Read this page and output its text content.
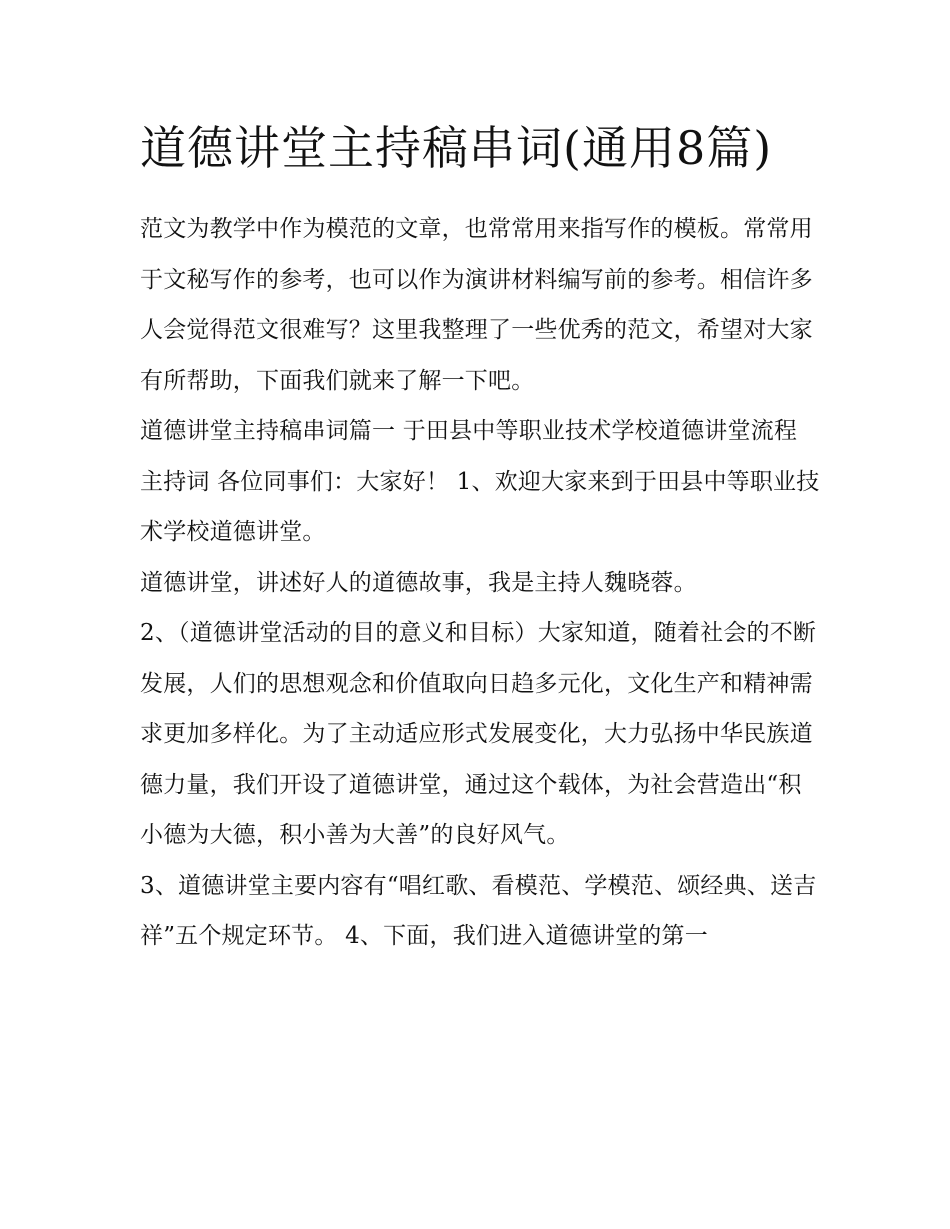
道德讲堂主持稿串词(通用8篇)

范文为教学中作为模范的文章，也常常用来指写作的模板。常常用于文秘写作的参考，也可以作为演讲材料编写前的参考。相信许多人会觉得范文很难写？这里我整理了一些优秀的范文，希望对大家有所帮助，下面我们就来了解一下吧。

道德讲堂主持稿串词篇一 于田县中等职业技术学校道德讲堂流程主持词 各位同事们：大家好！ 1、欢迎大家来到于田县中等职业技术学校道德讲堂。

道德讲堂，讲述好人的道德故事，我是主持人魏晓蓉。

2、（道德讲堂活动的目的意义和目标）大家知道，随着社会的不断发展，人们的思想观念和价值取向日趋多元化，文化生产和精神需求更加多样化。为了主动适应形式发展变化，大力弘扬中华民族道德力量，我们开设了道德讲堂，通过这个载体，为社会营造出“积小德为大德，积小善为大善”的良好风气。

3、道德讲堂主要内容有“唱红歌、看模范、学模范、颂经典、送吉祥”五个规定环节。 4、下面，我们进入道德讲堂的第一
